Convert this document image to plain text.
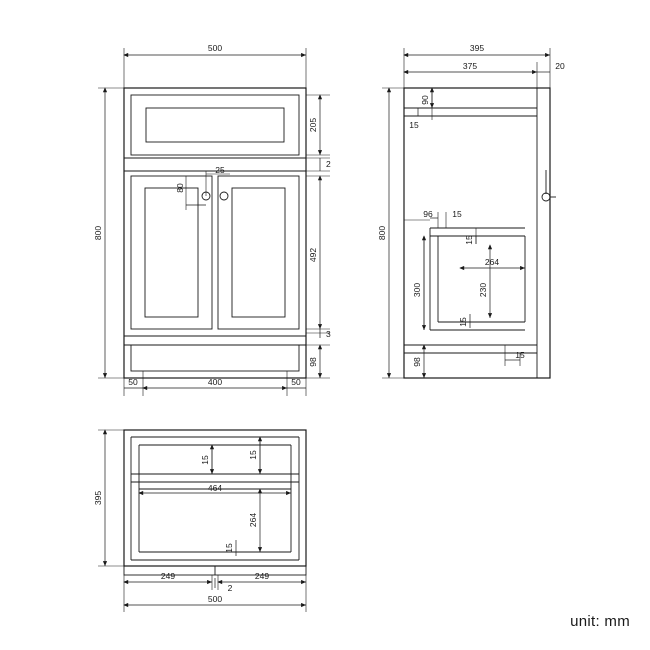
500
800
205
2
492
3
98
50	400	50
80
25
395
375	20
800
90
15
96 15
15
264
300	230
15
98
15
395
15
15
464
264
15
249	249
2
500
unit: mm
